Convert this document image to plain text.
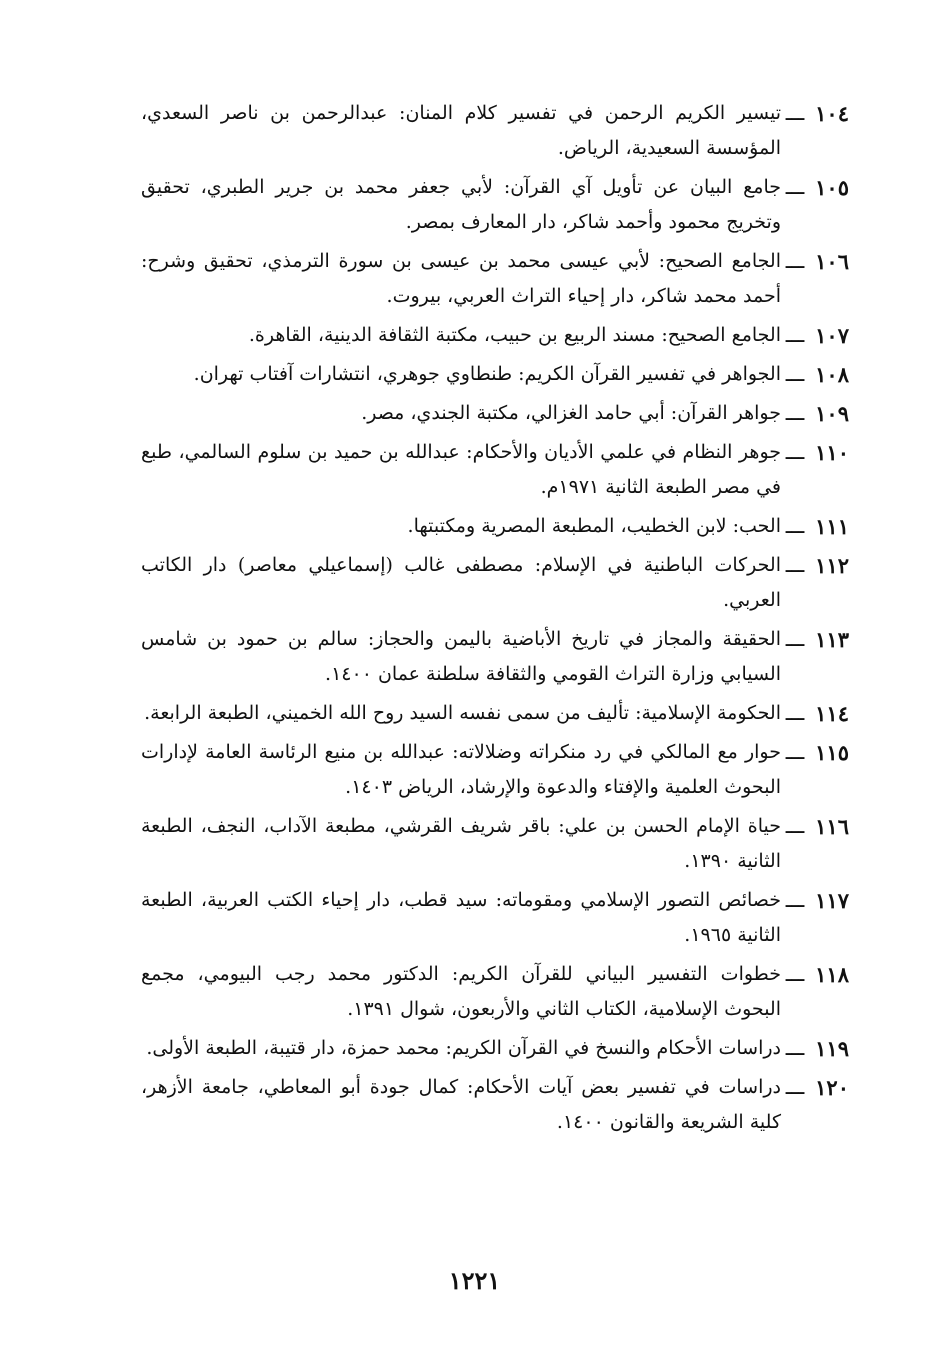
١٠٤
ـــ
تيسير الكريم الرحمن في تفسير كلام المنان: عبدالرحمن بن ناصر السعدي، المؤسسة السعيدية، الرياض.
١٠٥
ـــ
جامع البيان عن تأويل آي القرآن: لأبي جعفر محمد بن جرير الطبري، تحقيق وتخريج محمود وأحمد شاكر، دار المعارف بمصر.
١٠٦
ـــ
الجامع الصحيح: لأبي عيسى محمد بن عيسى بن سورة الترمذي، تحقيق وشرح: أحمد محمد شاكر، دار إحياء التراث العربي، بيروت.
١٠٧
ـــ
الجامع الصحيح: مسند الربيع بن حبيب، مكتبة الثقافة الدينية، القاهرة.
١٠٨
ـــ
الجواهر في تفسير القرآن الكريم: طنطاوي جوهري، انتشارات آفتاب تهران.
١٠٩
ـــ
جواهر القرآن: أبي حامد الغزالي، مكتبة الجندي، مصر.
١١٠
ـــ
جوهر النظام في علمي الأديان والأحكام: عبدالله بن حميد بن سلوم السالمي، طبع في مصر الطبعة الثانية ١٩٧١م.
١١١
ـــ
الحب: لابن الخطيب، المطبعة المصرية ومكتبتها.
١١٢
ـــ
الحركات الباطنية في الإسلام: مصطفى غالب (إسماعيلي معاصر) دار الكاتب العربي.
١١٣
ـــ
الحقيقة والمجاز في تاريخ الأباضية باليمن والحجاز: سالم بن حمود بن شامس السيابي وزارة التراث القومي والثقافة سلطنة عمان ١٤٠٠.
١١٤
ـــ
الحكومة الإسلامية: تأليف من سمى نفسه السيد روح الله الخميني، الطبعة الرابعة.
١١٥
ـــ
حوار مع المالكي في رد منكراته وضلالاته: عبدالله بن منيع الرئاسة العامة لإدارات البحوث العلمية والإفتاء والدعوة والإرشاد، الرياض ١٤٠٣.
١١٦
ـــ
حياة الإمام الحسن بن علي: باقر شريف القرشي، مطبعة الآداب، النجف، الطبعة الثانية ١٣٩٠.
١١٧
ـــ
خصائص التصور الإسلامي ومقوماته: سيد قطب، دار إحياء الكتب العربية، الطبعة الثانية ١٩٦٥.
١١٨
ـــ
خطوات التفسير البياني للقرآن الكريم: الدكتور محمد رجب البيومي، مجمع البحوث الإسلامية، الكتاب الثاني والأربعون، شوال ١٣٩١.
١١٩
ـــ
دراسات الأحكام والنسخ في القرآن الكريم: محمد حمزة، دار قتيبة، الطبعة الأولى.
١٢٠
ـــ
دراسات في تفسير بعض آيات الأحكام: كمال جودة أبو المعاطي، جامعة الأزهر، كلية الشريعة والقانون ١٤٠٠.
١٢٢١
